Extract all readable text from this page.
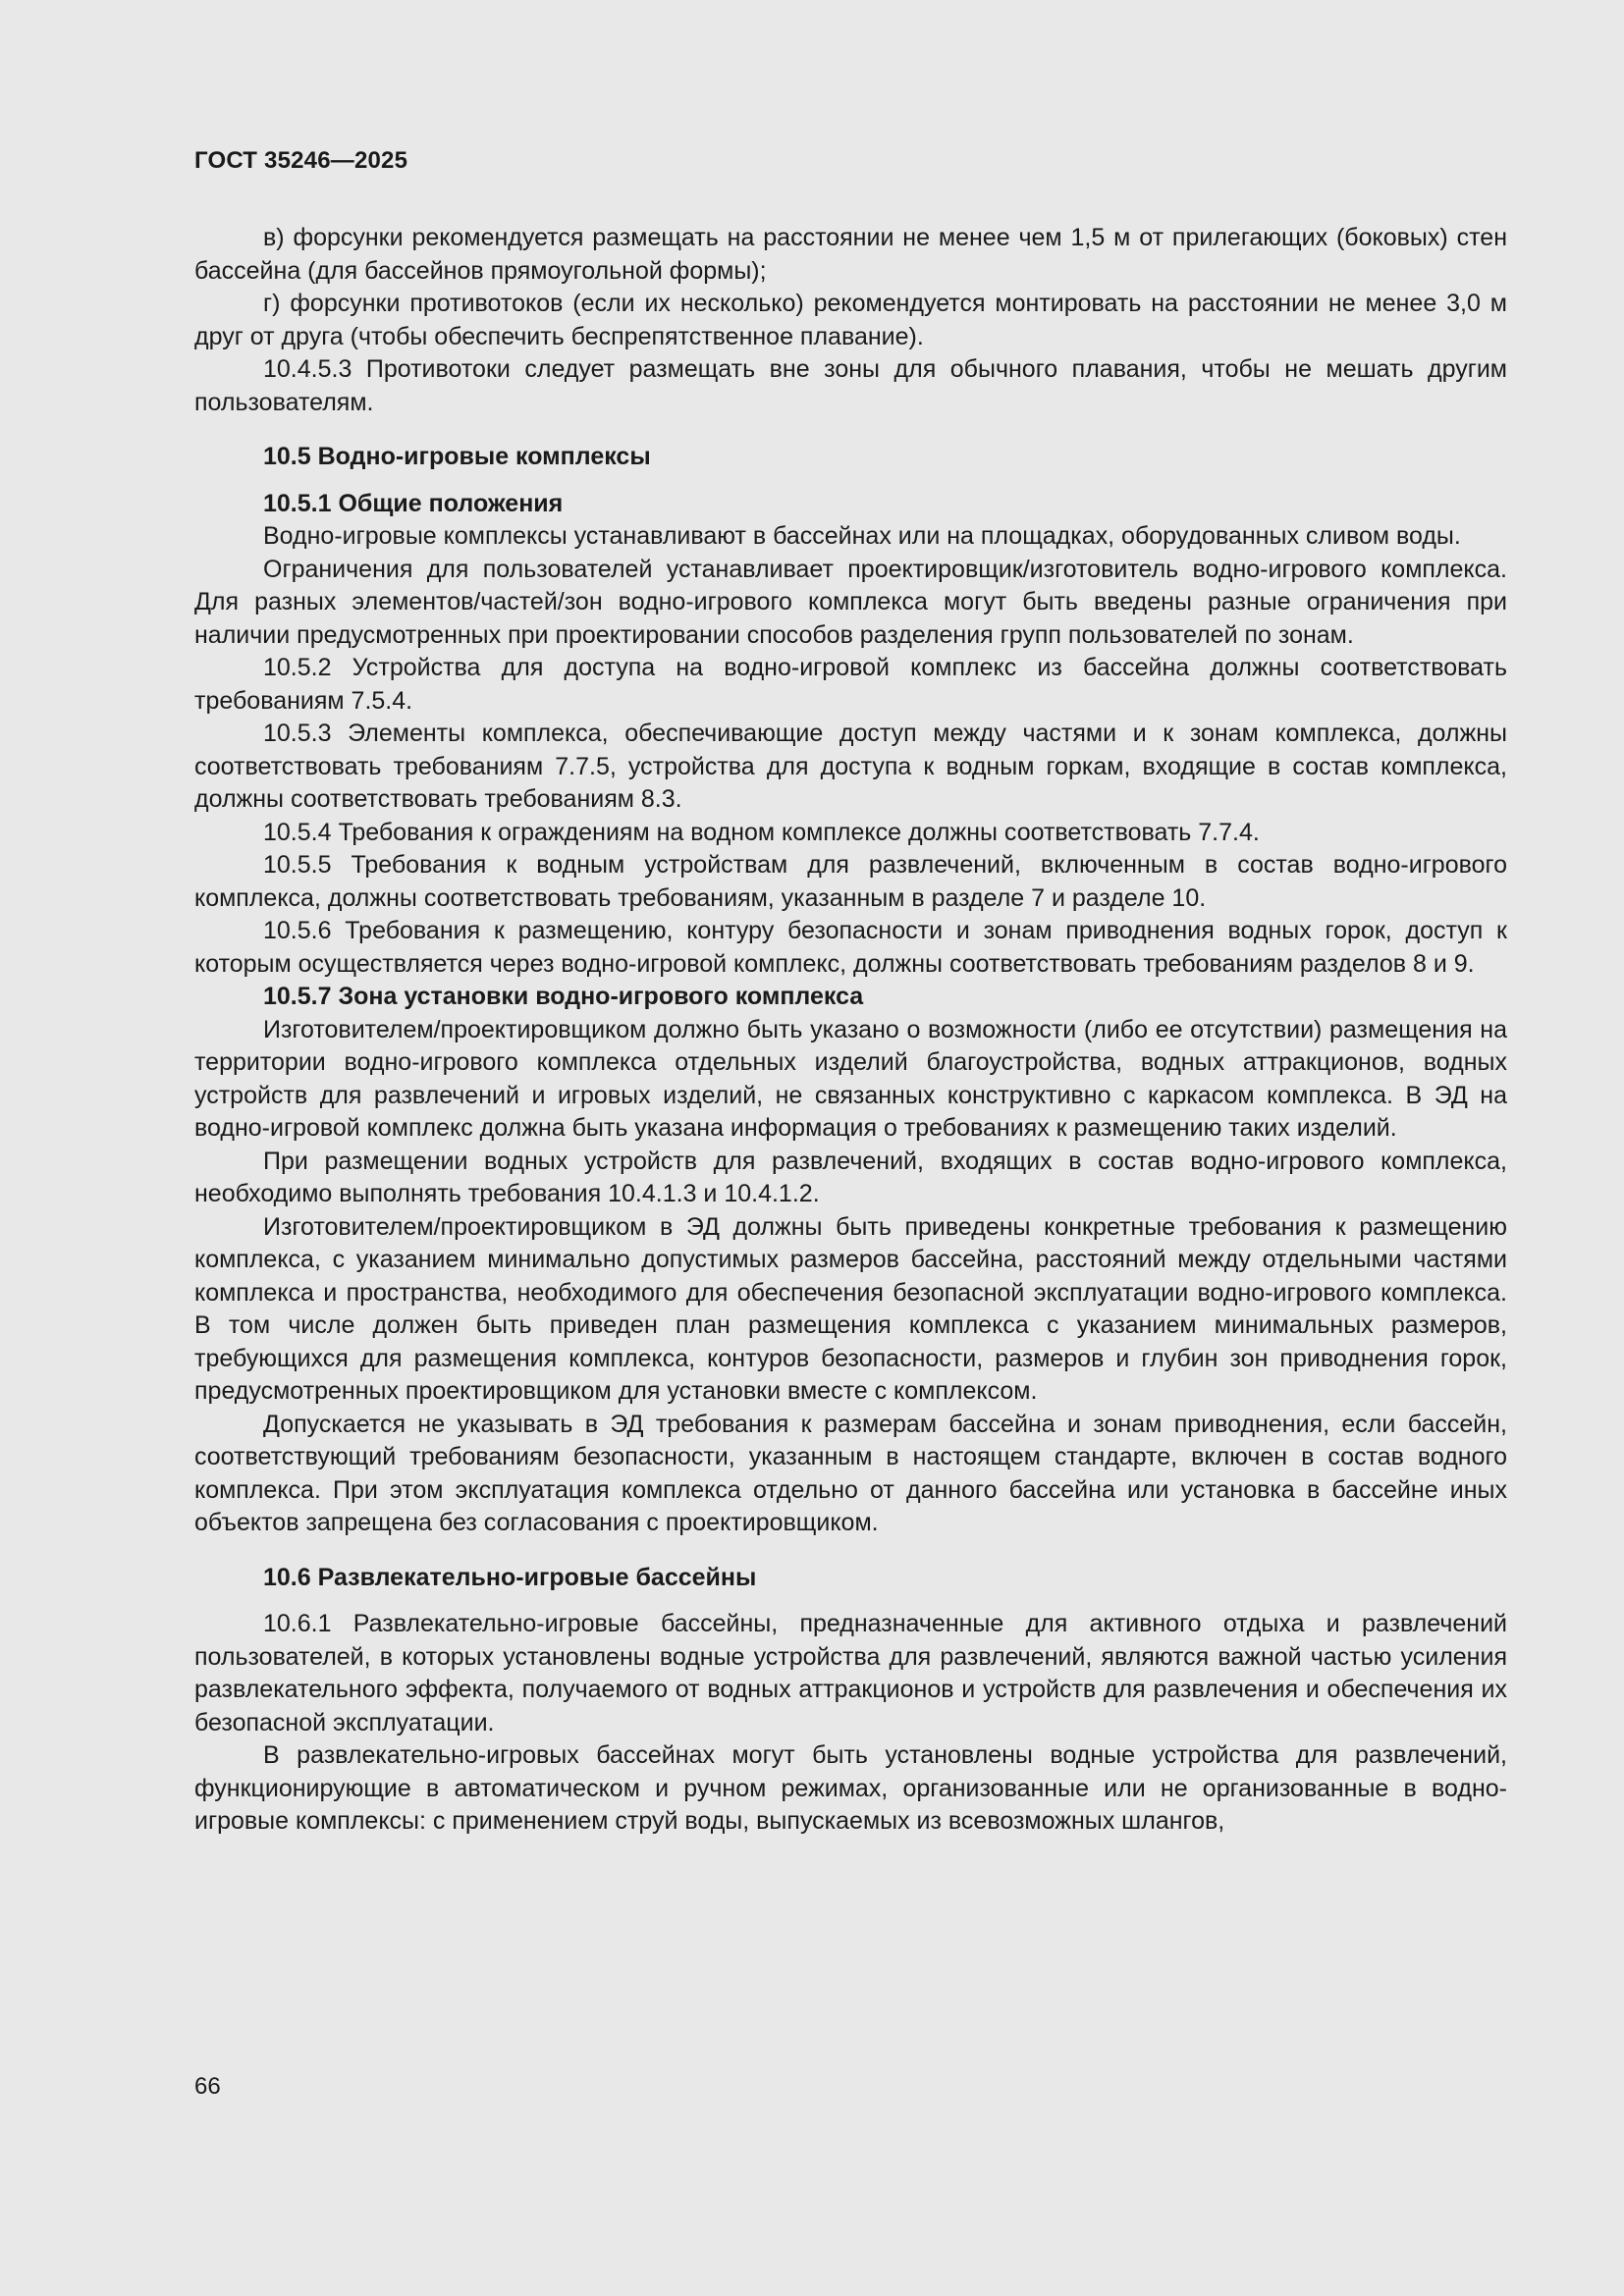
ГОСТ 35246—2025

в) форсунки рекомендуется размещать на расстоянии не менее чем 1,5 м от прилегающих (боковых) стен бассейна (для бассейнов прямоугольной формы);

г) форсунки противотоков (если их несколько) рекомендуется монтировать на расстоянии не менее 3,0 м друг от друга (чтобы обеспечить беспрепятственное плавание).

10.4.5.3 Противотоки следует размещать вне зоны для обычного плавания, чтобы не мешать другим пользователям.

10.5 Водно-игровые комплексы

10.5.1 Общие положения

Водно-игровые комплексы устанавливают в бассейнах или на площадках, оборудованных сливом воды.

Ограничения для пользователей устанавливает проектировщик/изготовитель водно-игрового комплекса. Для разных элементов/частей/зон водно-игрового комплекса могут быть введены разные ограничения при наличии предусмотренных при проектировании способов разделения групп пользователей по зонам.

10.5.2 Устройства для доступа на водно-игровой комплекс из бассейна должны соответствовать требованиям 7.5.4.

10.5.3 Элементы комплекса, обеспечивающие доступ между частями и к зонам комплекса, должны соответствовать требованиям 7.7.5, устройства для доступа к водным горкам, входящие в состав комплекса, должны соответствовать требованиям 8.3.

10.5.4 Требования к ограждениям на водном комплексе должны соответствовать 7.7.4.

10.5.5 Требования к водным устройствам для развлечений, включенным в состав водно-игрового комплекса, должны соответствовать требованиям, указанным в разделе 7 и разделе 10.

10.5.6 Требования к размещению, контуру безопасности и зонам приводнения водных горок, доступ к которым осуществляется через водно-игровой комплекс, должны соответствовать требованиям разделов 8 и 9.

10.5.7 Зона установки водно-игрового комплекса

Изготовителем/проектировщиком должно быть указано о возможности (либо ее отсутствии) размещения на территории водно-игрового комплекса отдельных изделий благоустройства, водных аттракционов, водных устройств для развлечений и игровых изделий, не связанных конструктивно с каркасом комплекса. В ЭД на водно-игровой комплекс должна быть указана информация о требованиях к размещению таких изделий.

При размещении водных устройств для развлечений, входящих в состав водно-игрового комплекса, необходимо выполнять требования 10.4.1.3 и 10.4.1.2.

Изготовителем/проектировщиком в ЭД должны быть приведены конкретные требования к размещению комплекса, с указанием минимально допустимых размеров бассейна, расстояний между отдельными частями комплекса и пространства, необходимого для обеспечения безопасной эксплуатации водно-игрового комплекса. В том числе должен быть приведен план размещения комплекса с указанием минимальных размеров, требующихся для размещения комплекса, контуров безопасности, размеров и глубин зон приводнения горок, предусмотренных проектировщиком для установки вместе с комплексом.

Допускается не указывать в ЭД требования к размерам бассейна и зонам приводнения, если бассейн, соответствующий требованиям безопасности, указанным в настоящем стандарте, включен в состав водного комплекса. При этом эксплуатация комплекса отдельно от данного бассейна или установка в бассейне иных объектов запрещена без согласования с проектировщиком.

10.6 Развлекательно-игровые бассейны

10.6.1 Развлекательно-игровые бассейны, предназначенные для активного отдыха и развлечений пользователей, в которых установлены водные устройства для развлечений, являются важной частью усиления развлекательного эффекта, получаемого от водных аттракционов и устройств для развлечения и обеспечения их безопасной эксплуатации.

В развлекательно-игровых бассейнах могут быть установлены водные устройства для развлечений, функционирующие в автоматическом и ручном режимах, организованные или не организованные в водно-игровые комплексы: с применением струй воды, выпускаемых из всевозможных шлангов,

66
